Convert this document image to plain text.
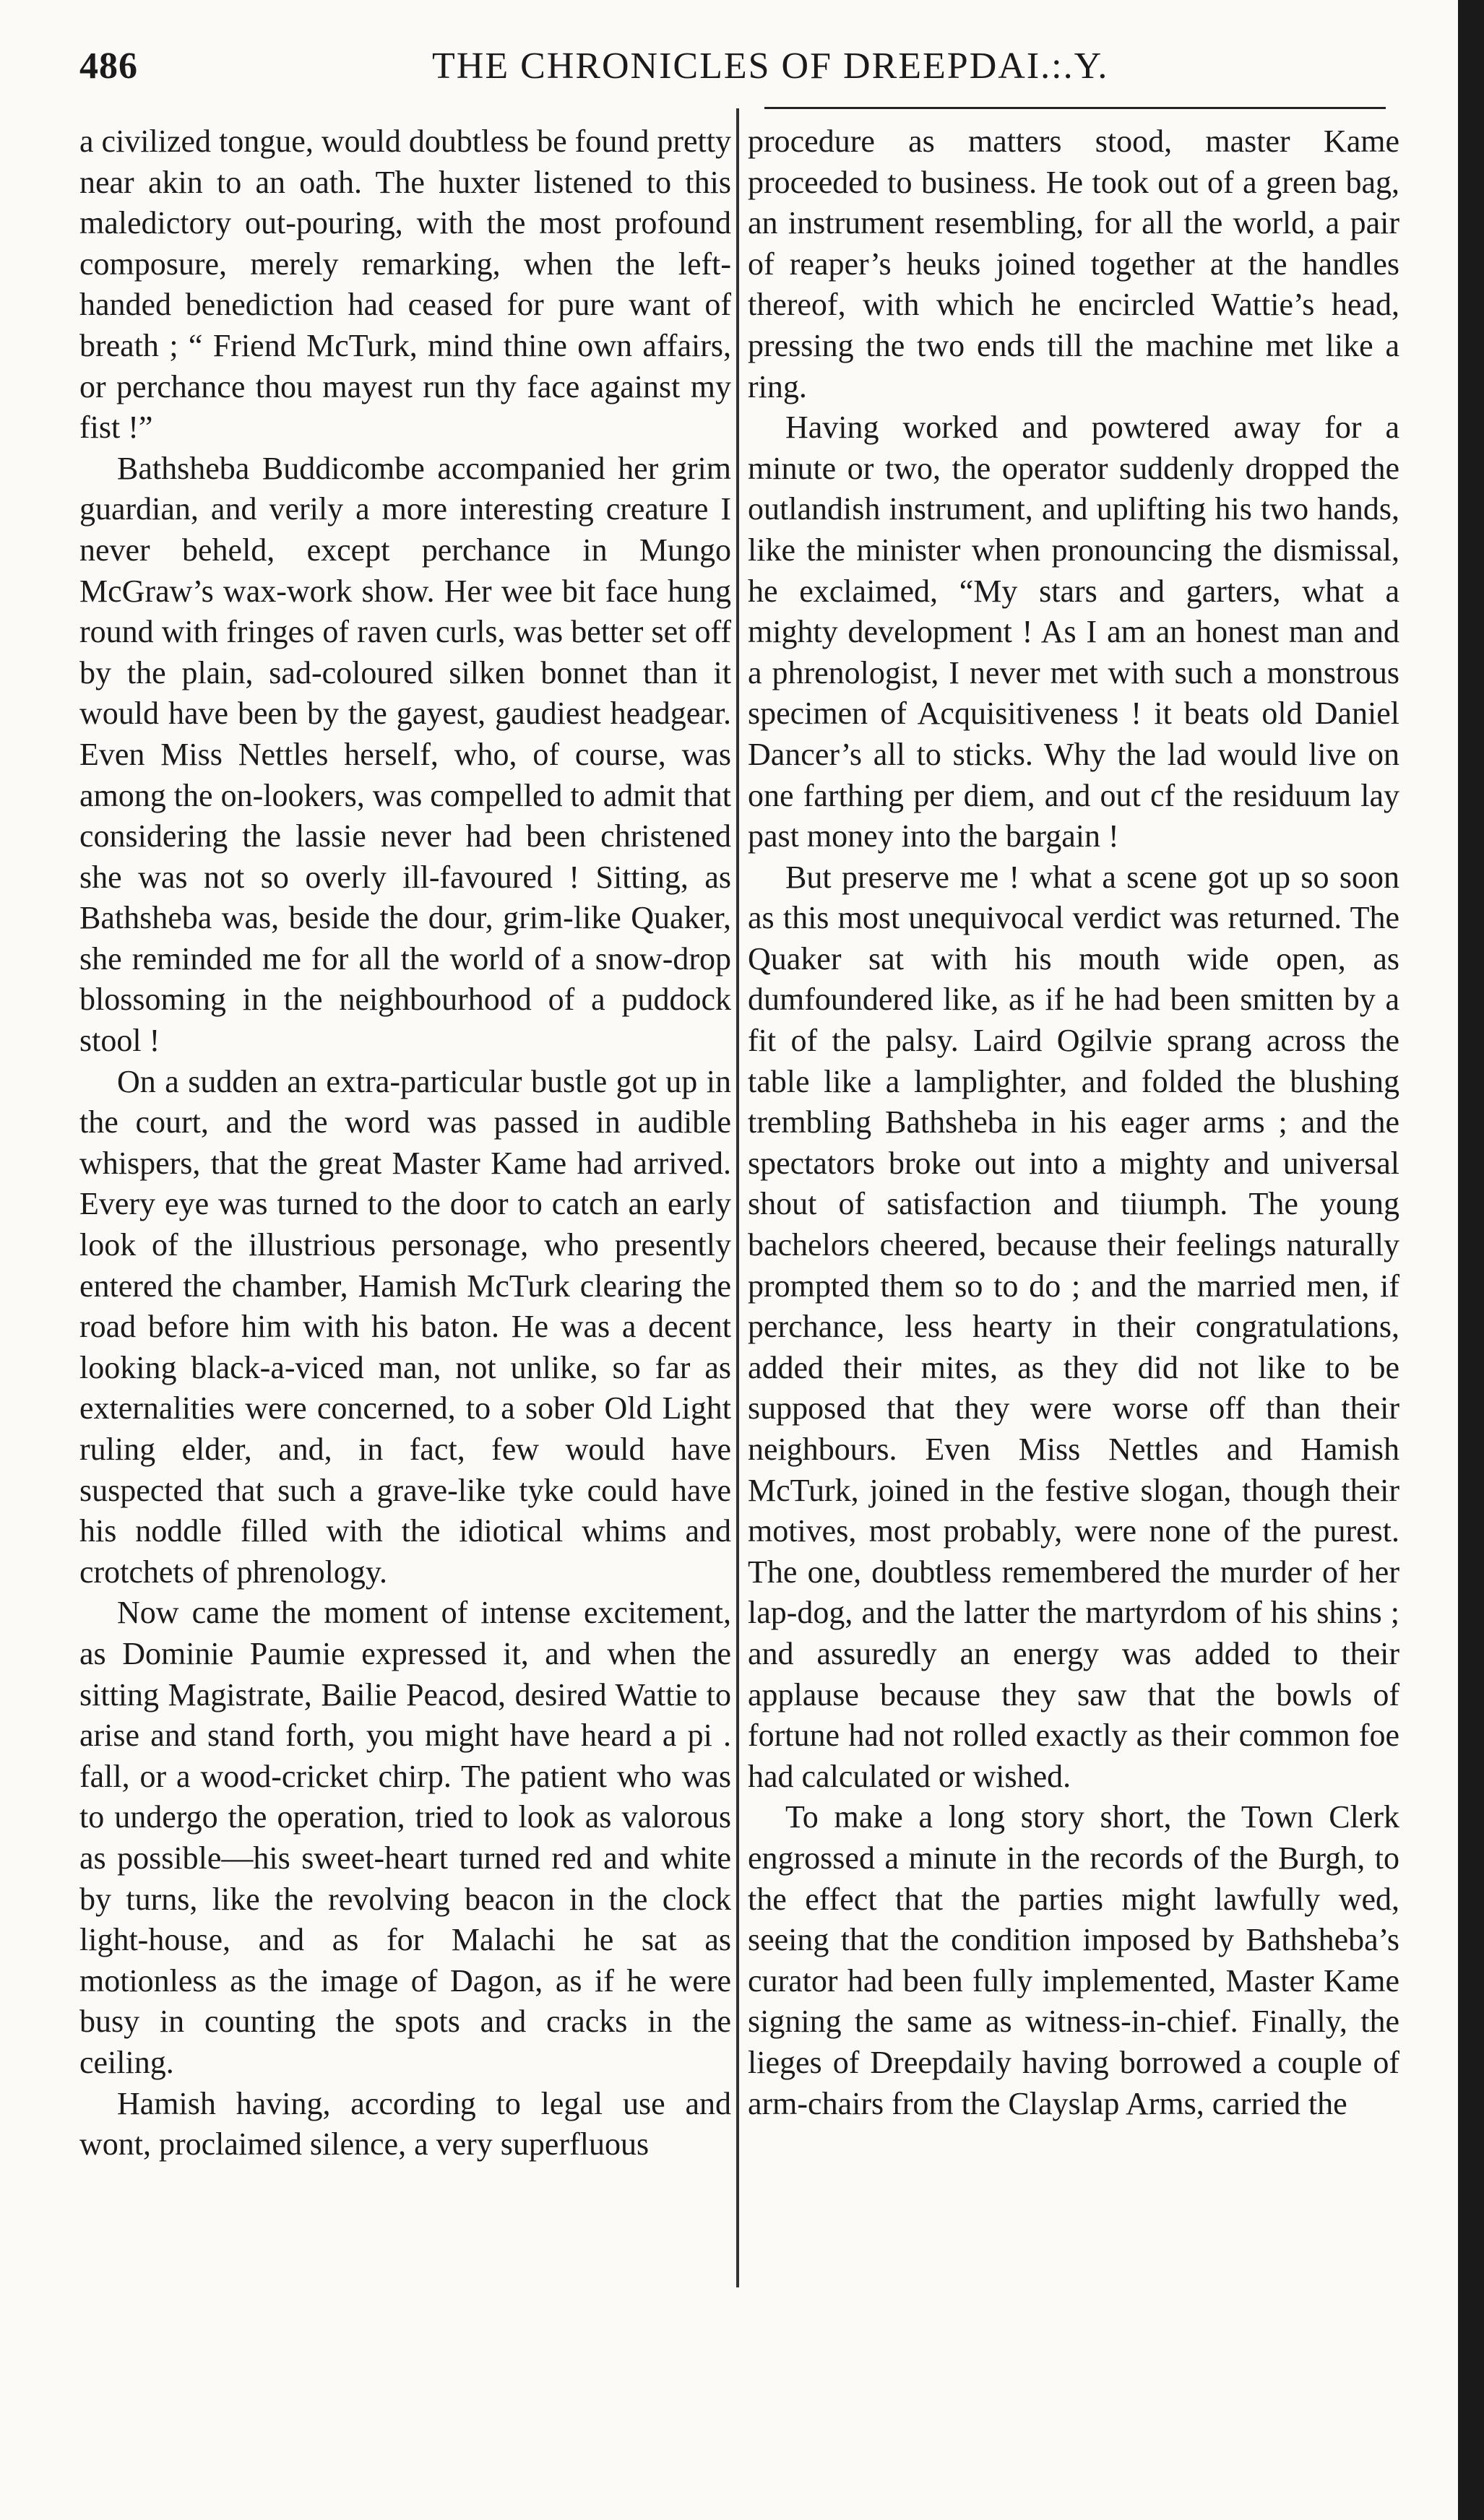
486	THE CHRONICLES OF DREEPDAI.:.Y.

a civilized tongue, would doubtless be found pretty near akin to an oath. The huxter listened to this maledictory out-pouring, with the most profound composure, merely remarking, when the left-handed benediction had ceased for pure want of breath ; “ Friend McTurk, mind thine own affairs, or perchance thou mayest run thy face against my fist !”

Bathsheba Buddicombe accompanied her grim guardian, and verily a more interesting creature I never beheld, except perchance in Mungo McGraw’s wax-work show. Her wee bit face hung round with fringes of raven curls, was better set off by the plain, sad-coloured silken bonnet than it would have been by the gayest, gaudiest headgear. Even Miss Nettles herself, who, of course, was among the on-lookers, was compelled to admit that considering the lassie never had been christened she was not so overly ill-favoured ! Sitting, as Bathsheba was, beside the dour, grim-like Quaker, she reminded me for all the world of a snow-drop blossoming in the neighbourhood of a puddock stool !

On a sudden an extra-particular bustle got up in the court, and the word was passed in audible whispers, that the great Master Kame had arrived. Every eye was turned to the door to catch an early look of the illustrious personage, who presently entered the chamber, Hamish McTurk clearing the road before him with his baton. He was a decent looking black-a-viced man, not unlike, so far as externalities were concerned, to a sober Old Light ruling elder, and, in fact, few would have suspected that such a grave-like tyke could have his noddle filled with the idiotical whims and crotchets of phrenology.

Now came the moment of intense excitement, as Dominie Paumie expressed it, and when the sitting Magistrate, Bailie Peacod, desired Wattie to arise and stand forth, you might have heard a pi . fall, or a wood-cricket chirp. The patient who was to undergo the operation, tried to look as valorous as possible—his sweet-heart turned red and white by turns, like the revolving beacon in the clock light-house, and as for Malachi he sat as motionless as the image of Dagon, as if he were busy in counting the spots and cracks in the ceiling.

Hamish having, according to legal use and wont, proclaimed silence, a very superfluous

procedure as matters stood, master Kame proceeded to business. He took out of a green bag, an instrument resembling, for all the world, a pair of reaper’s heuks joined together at the handles thereof, with which he encircled Wattie’s head, pressing the two ends till the machine met like a ring.

Having worked and powtered away for a minute or two, the operator suddenly dropped the outlandish instrument, and uplifting his two hands, like the minister when pronouncing the dismissal, he exclaimed, “My stars and garters, what a mighty development ! As I am an honest man and a phrenologist, I never met with such a monstrous specimen of Acquisitiveness ! it beats old Daniel Dancer’s all to sticks. Why the lad would live on one farthing per diem, and out cf the residuum lay past money into the bargain !

But preserve me ! what a scene got up so soon as this most unequivocal verdict was returned. The Quaker sat with his mouth wide open, as dumfoundered like, as if he had been smitten by a fit of the palsy. Laird Ogilvie sprang across the table like a lamplighter, and folded the blushing trembling Bathsheba in his eager arms ; and the spectators broke out into a mighty and universal shout of satisfaction and tiiumph. The young bachelors cheered, because their feelings naturally prompted them so to do ; and the married men, if perchance, less hearty in their congratulations, added their mites, as they did not like to be supposed that they were worse off than their neighbours. Even Miss Nettles and Hamish McTurk, joined in the festive slogan, though their motives, most probably, were none of the purest. The one, doubtless remembered the murder of her lap-dog, and the latter the martyrdom of his shins ; and assuredly an energy was added to their applause because they saw that the bowls of fortune had not rolled exactly as their common foe had calculated or wished.

To make a long story short, the Town Clerk engrossed a minute in the records of the Burgh, to the effect that the parties might lawfully wed, seeing that the condition imposed by Bathsheba’s curator had been fully implemented, Master Kame signing the same as witness-in-chief. Finally, the lieges of Dreepdaily having borrowed a couple of arm-chairs from the Clayslap Arms, carried the
